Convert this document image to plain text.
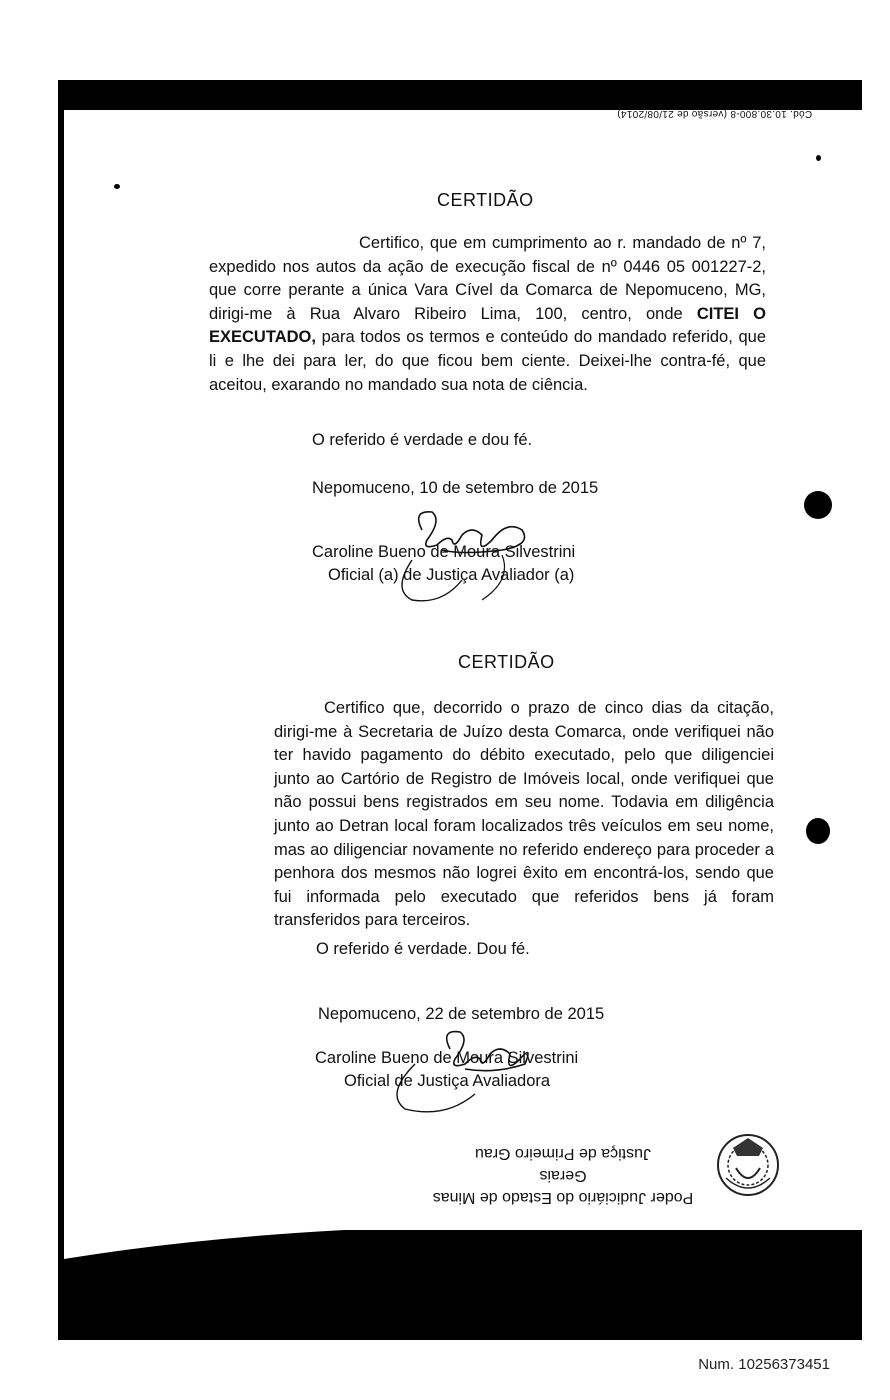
Cód. 10.30.800-8 (versão de 21/08/2014)
CERTIDÃO
Certifico, que em cumprimento ao r. mandado de nº 7, expedido nos autos da ação de execução fiscal de nº 0446 05 001227-2, que corre perante a única Vara Cível da Comarca de Nepomuceno, MG, dirigi-me à Rua Alvaro Ribeiro Lima, 100, centro, onde CITEI O EXECUTADO, para todos os termos e conteúdo do mandado referido, que li e lhe dei para ler, do que ficou bem ciente. Deixei-lhe contra-fé, que aceitou, exarando no mandado sua nota de ciência.
O referido é verdade e dou fé.
Nepomuceno, 10 de setembro de 2015
Caroline Bueno de Moura Silvestrini
Oficial (a) de Justiça Avaliador (a)
CERTIDÃO
Certifico que, decorrido o prazo de cinco dias da citação, dirigi-me à Secretaria de Juízo desta Comarca, onde verifiquei não ter havido pagamento do débito executado, pelo que diligenciei junto ao Cartório de Registro de Imóveis local, onde verifiquei que não possui bens registrados em seu nome. Todavia em diligência junto ao Detran local foram localizados três veículos em seu nome, mas ao diligenciar novamente no referido endereço para proceder a penhora dos mesmos não logrei êxito em encontrá-los, sendo que fui informada pelo executado que referidos bens já foram transferidos para terceiros.
O referido é verdade. Dou fé.
Nepomuceno, 22 de setembro de 2015
Caroline Bueno de Moura Silvestrini
Oficial de Justiça Avaliadora
Poder Judiciário do Estado de Minas Gerais
Justiça de Primeiro Grau
Num. 10256373451
